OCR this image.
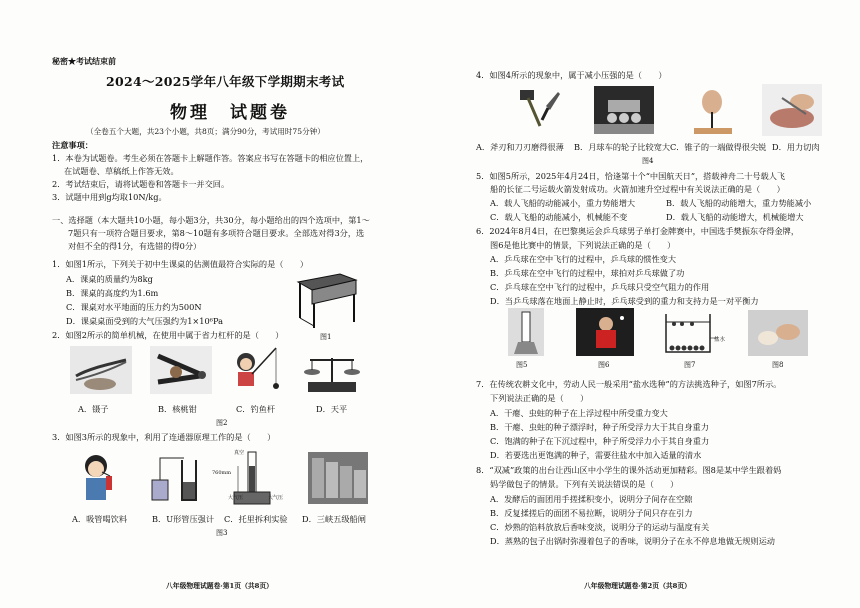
秘密★考试结束前
2024～2025学年八年级下学期期末考试
物理　试题卷
（全卷五个大题，共23个小题，共8页；满分90分，考试用时75分钟）
注意事项：
1．本卷为试题卷。考生必须在答题卡上解题作答。答案应书写在答题卡的相应位置上，
在试题卷、草稿纸上作答无效。
2．考试结束后，请将试题卷和答题卡一并交回。
3．试题中用到g均取10N/kg。
一、选择题（本大题共10小题，每小题3分，共30分，每小题给出的四个选项中，第1～
7题只有一项符合题目要求，第8～10题有多项符合题目要求。全部选对得3分，选
对但不全的得1分，有选错的得0分）
1．如图1所示，下列关于初中生课桌的估测值最符合实际的是（　　）
A．课桌的质量约为8kg
B．课桌的高度约为1.6m
C．课桌对水平地面的压力约为500N
D．课桌桌面受到的大气压强约为1×10⁶Pa
图1
2．如图2所示的简单机械，在使用中属于省力杠杆的是（　　）
A．镊子	B．核桃钳	C．钓鱼杆	D．天平
图2
3．如图3所示的现象中，利用了连通器原理工作的是（　　）
真空
760mm
大气压	大气压
A．吸管喝饮料	B．U形管压强计 C．托里拆利实验 D．三峡五级船闸
图3
八年级物理试题卷·第1页（共8页）
4．如图4所示的现象中，属于减小压强的是（　　）
A．斧刃和刀刃磨得很薄 B．月球车的轮子比较宽大 C．锥子的一端做得很尖锐 D．用力切肉
图4
5．如图5所示，2025年4月24日，恰逢第十个“中国航天日”，搭载神舟二十号载人飞
船的长征二号运载火箭发射成功。火箭加速升空过程中有关说法正确的是（　　）
A．载人飞船的动能减小，重力势能增大	B．载人飞船的动能增大，重力势能减小
C．载人飞船的动能减小，机械能不变	D．载人飞船的动能增大，机械能增大
6．2024年8月4日，在巴黎奥运会乒乓球男子单打金牌赛中，中国选手樊振东夺得金牌，
图6是他比赛中的情景，下列说法正确的是（　　）
A．乒乓球在空中飞行的过程中，乒乓球的惯性变大
B．乒乓球在空中飞行的过程中，球拍对乒乓球做了功
C．乒乓球在空中飞行的过程中，乒乓球只受空气阻力的作用
D．当乒乓球落在地面上静止时，乒乓球受到的重力和支持力是一对平衡力
盐水
图5	图6	图7	图8
7．在传统农耕文化中，劳动人民一般采用“盐水选种”的方法挑选种子，如图7所示。
下列说法正确的是（　　）
A．干瘪、虫蛀的种子在上浮过程中所受重力变大
B．干瘪、虫蛀的种子漂浮时，种子所受浮力大于其自身重力
C．饱满的种子在下沉过程中，种子所受浮力小于其自身重力
D．若要选出更饱满的种子，需要往盐水中加入适量的清水
8．“双减”政策的出台让西山区中小学生的课外活动更加精彩。图8是某中学生跟着妈
妈学做包子的情景。下列有关说法错误的是（　　）
A．发酵后的面团用手搓揉积变小，说明分子间存在空隙
B．反复揉搓后的面团不易拉断，说明分子间只存在引力
C．炒熟的馅料放放后香味变淡，说明分子的运动与温度有关
D．蒸熟的包子出锅时弥漫着包子的香味，说明分子在永不停息地做无规则运动
八年级物理试题卷·第2页（共8页）
